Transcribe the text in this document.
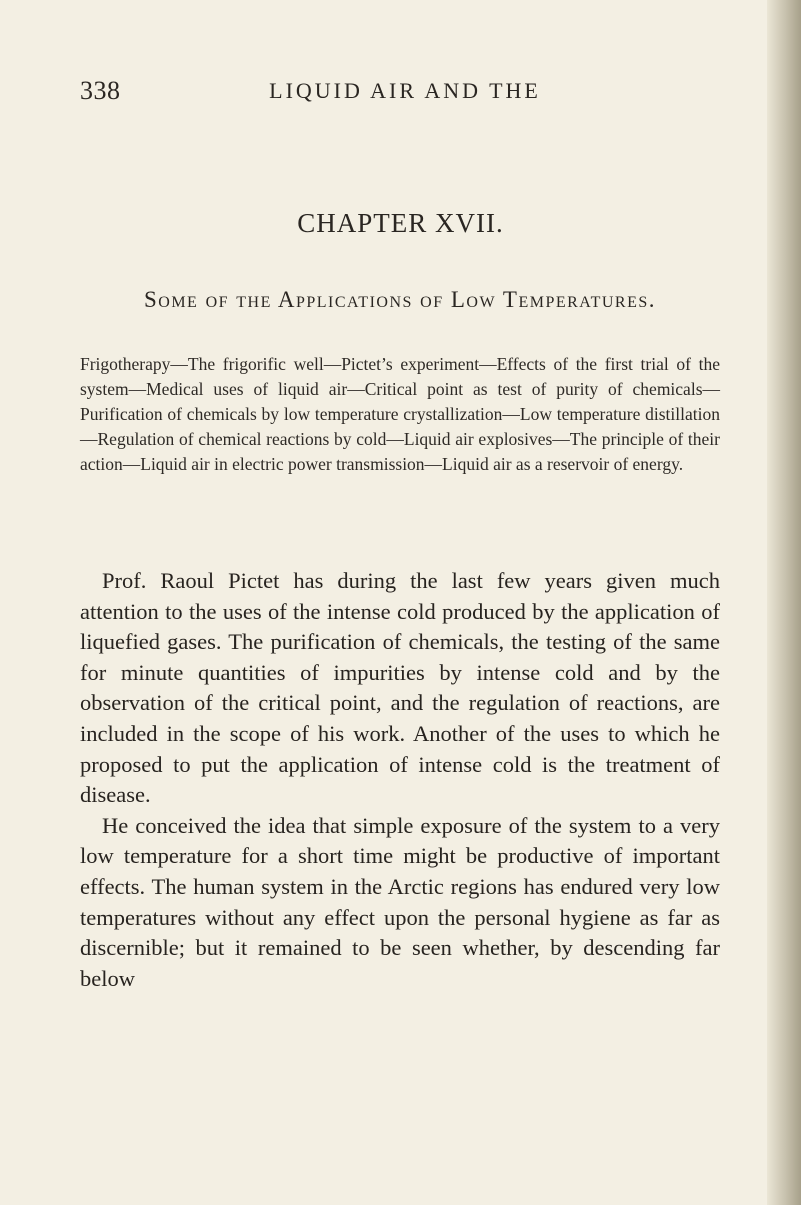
338	LIQUID AIR AND THE
CHAPTER XVII.
Some of the Applications of Low Temperatures.
Frigotherapy—The frigorific well—Pictet’s experiment—Effects of the first trial of the system—Medical uses of liquid air—Critical point as test of purity of chemicals—Purification of chemicals by low temperature crystallization—Low temperature distillation—Regulation of chemical reactions by cold—Liquid air explosives—The principle of their action—Liquid air in electric power transmission—Liquid air as a reservoir of energy.

Prof. Raoul Pictet has during the last few years given much attention to the uses of the intense cold produced by the application of liquefied gases. The purification of chemicals, the testing of the same for minute quantities of impurities by intense cold and by the observation of the critical point, and the regulation of reactions, are included in the scope of his work. Another of the uses to which he proposed to put the application of intense cold is the treatment of disease.

He conceived the idea that simple exposure of the system to a very low temperature for a short time might be productive of important effects. The human system in the Arctic regions has endured very low temperatures without any effect upon the personal hygiene as far as discernible; but it remained to be seen whether, by descending far below
